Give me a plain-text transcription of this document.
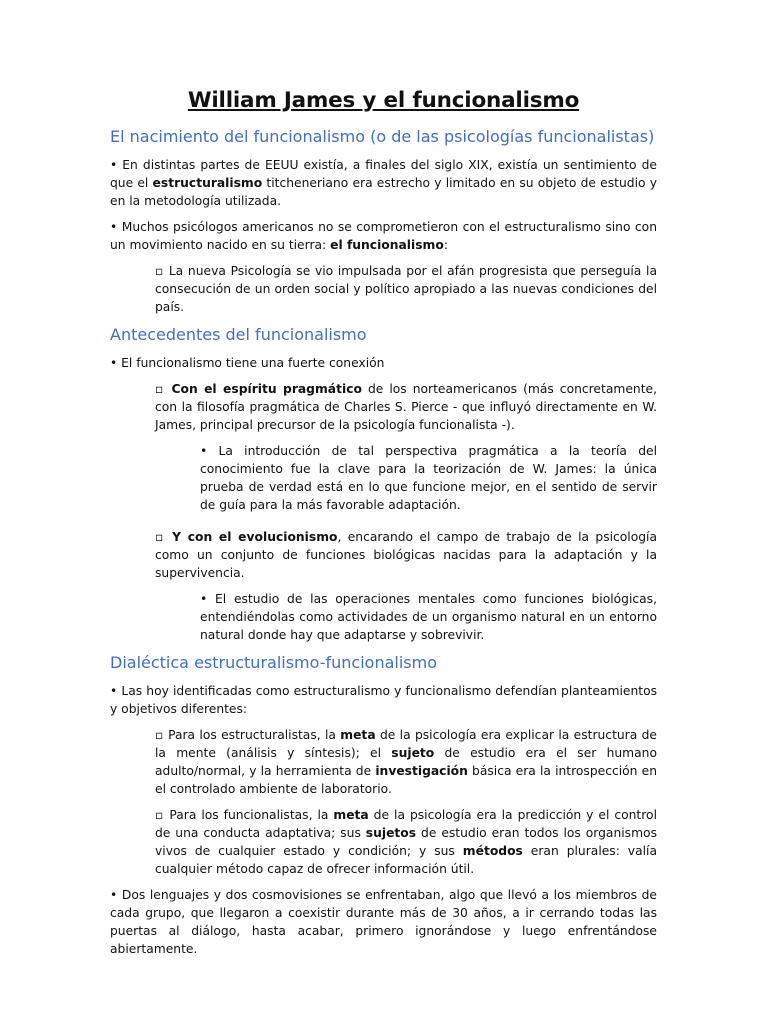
William James y el funcionalismo
El nacimiento del funcionalismo (o de las psicologías funcionalistas)

• En distintas partes de EEUU existía, a finales del siglo XIX, existía un sentimiento de que el estructuralismo titcheneriano era estrecho y limitado en su objeto de estudio y en la metodología utilizada.

• Muchos psicólogos americanos no se comprometieron con el estructuralismo sino con un movimiento nacido en su tierra: el funcionalismo:

▫ La nueva Psicología se vio impulsada por el afán progresista que perseguía la consecución de un orden social y político apropiado a las nuevas condiciones del país.

Antecedentes del funcionalismo

• El funcionalismo tiene una fuerte conexión

▫ Con el espíritu pragmático de los norteamericanos (más concretamente, con la filosofía pragmática de Charles S. Pierce - que influyó directamente en W. James, principal precursor de la psicología funcionalista -).

• La introducción de tal perspectiva pragmática a la teoría del conocimiento fue la clave para la teorización de W. James: la única prueba de verdad está en lo que funcione mejor, en el sentido de servir de guía para la más favorable adaptación.

▫ Y con el evolucionismo, encarando el campo de trabajo de la psicología como un conjunto de funciones biológicas nacidas para la adaptación y la supervivencia.

• El estudio de las operaciones mentales como funciones biológicas, entendiéndolas como actividades de un organismo natural en un entorno natural donde hay que adaptarse y sobrevivir.

Dialéctica estructuralismo-funcionalismo

• Las hoy identificadas como estructuralismo y funcionalismo defendían planteamientos y objetivos diferentes:

▫ Para los estructuralistas, la meta de la psicología era explicar la estructura de la mente (análisis y síntesis); el sujeto de estudio era el ser humano adulto/normal, y la herramienta de investigación básica era la introspección en el controlado ambiente de laboratorio.

▫ Para los funcionalistas, la meta de la psicología era la predicción y el control de una conducta adaptativa; sus sujetos de estudio eran todos los organismos vivos de cualquier estado y condición; y sus métodos eran plurales: valía cualquier método capaz de ofrecer información útil.

• Dos lenguajes y dos cosmovisiones se enfrentaban, algo que llevó a los miembros de cada grupo, que llegaron a coexistir durante más de 30 años, a ir cerrando todas las puertas al diálogo, hasta acabar, primero ignorándose y luego enfrentándose abiertamente.
